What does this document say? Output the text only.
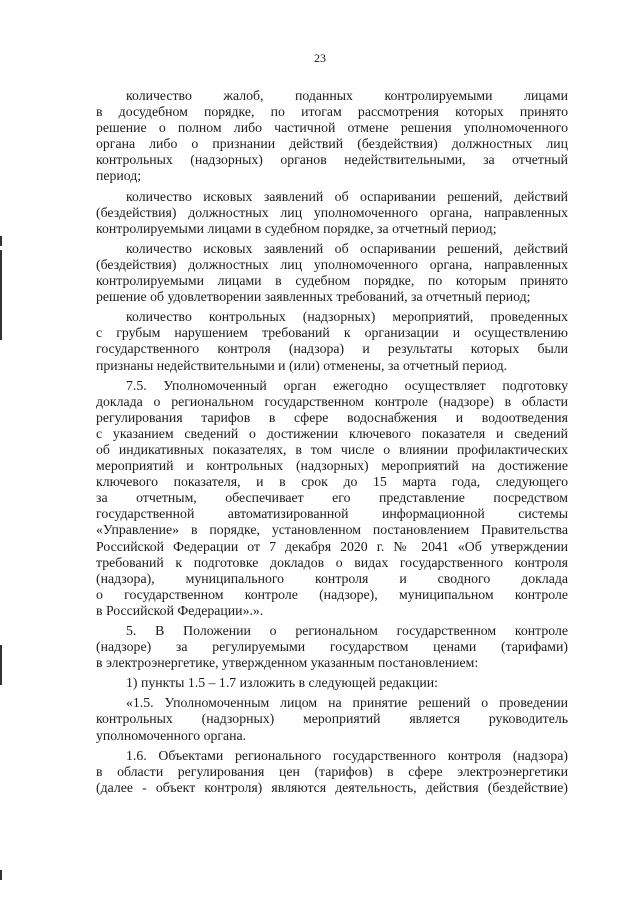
23

количество жалоб, поданных контролируемыми лицами
в досудебном порядке, по итогам рассмотрения которых принято
решение о полном либо частичной отмене решения уполномоченного
органа либо о признании действий (бездействия) должностных лиц
контрольных (надзорных) органов недействительными, за отчетный
период;

количество исковых заявлений об оспаривании решений, действий
(бездействия) должностных лиц уполномоченного органа, направленных
контролируемыми лицами в судебном порядке, за отчетный период;

количество исковых заявлений об оспаривании решений, действий
(бездействия) должностных лиц уполномоченного органа, направленных
контролируемыми лицами в судебном порядке, по которым принято
решение об удовлетворении заявленных требований, за отчетный период;

количество контрольных (надзорных) мероприятий, проведенных
с грубым нарушением требований к организации и осуществлению
государственного контроля (надзора) и результаты которых были
признаны недействительными и (или) отменены, за отчетный период.

7.5. Уполномоченный орган ежегодно осуществляет подготовку
доклада о региональном государственном контроле (надзоре) в области
регулирования тарифов в сфере водоснабжения и водоотведения
с указанием сведений о достижении ключевого показателя и сведений
об индикативных показателях, в том числе о влиянии профилактических
мероприятий и контрольных (надзорных) мероприятий на достижение
ключевого показателя, и в срок до 15 марта года, следующего
за отчетным, обеспечивает его представление посредством
государственной автоматизированной информационной системы
«Управление» в порядке, установленном постановлением Правительства
Российской Федерации от 7 декабря 2020 г. № 2041 «Об утверждении
требований к подготовке докладов о видах государственного контроля
(надзора), муниципального контроля и сводного доклада
о государственном контроле (надзоре), муниципальном контроле
в Российской Федерации».».

5. В Положении о региональном государственном контроле
(надзоре) за регулируемыми государством ценами (тарифами)
в электроэнергетике, утвержденном указанным постановлением:

1) пункты 1.5 – 1.7 изложить в следующей редакции:

«1.5. Уполномоченным лицом на принятие решений о проведении
контрольных (надзорных) мероприятий является руководитель
уполномоченного органа.

1.6. Объектами регионального государственного контроля (надзора)
в области регулирования цен (тарифов) в сфере электроэнергетики
(далее - объект контроля) являются деятельность, действия (бездействие)
